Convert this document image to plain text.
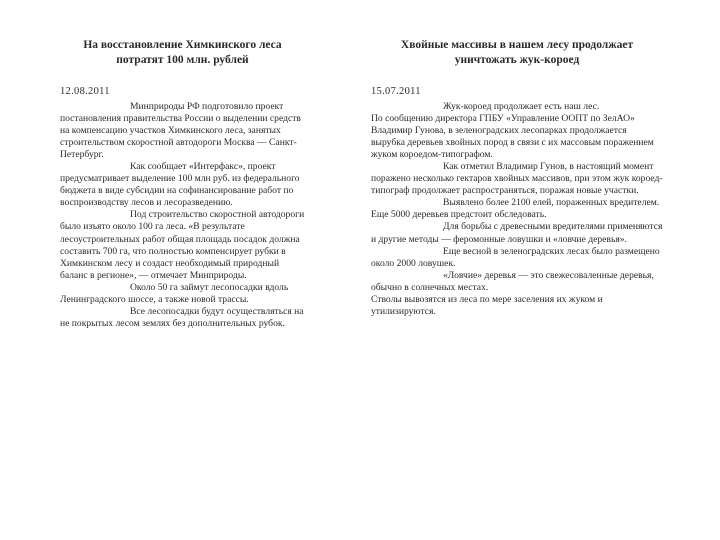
На восстановление Химкинского леса потратят 100 млн. рублей
12.08.2011

Минприроды РФ подготовило проект постановления правительства России о выделении средств на компенсацию участков Химкинского леса, занятых строительством скоростной автодороги Москва — Санкт-Петербург.

Как сообщает «Интерфакс», проект предусматривает выделение 100 млн руб. из федерального бюджета в виде субсидии на софинансирование работ по воспроизводству лесов и лесоразведению.

Под строительство скоростной автодороги было изъято около 100 га леса. «В результате лесоустроительных работ общая площадь посадок должна составить 700 га, что полностью компенсирует рубки в Химкинском лесу и создаст необходимый природный баланс в регионе», — отмечает Минприроды.

Около 50 га займут лесопосадки вдоль Ленинградского шоссе, а также новой трассы.

Все лесопосадки будут осуществляться на не покрытых лесом землях без дополнительных рубок.

Хвойные массивы в нашем лесу продолжает уничтожать жук-короед
15.07.2011

Жук-короед продолжает есть наш лес.

По сообщению директора ГПБУ «Управление ООПТ по ЗелАО» Владимир Гунова, в зеленоградских лесопарках продолжается вырубка деревьев хвойных пород в связи с их массовым поражением жуком короедом-типографом.

Как отметил Владимир Гунов, в настоящий момент поражено несколько гектаров хвойных массивов, при этом жук короед-типограф продолжает распространяться, поражая новые участки.

Выявлено более 2100 елей, пораженных вредителем.

Еще 5000 деревьев предстоит обследовать.

Для борьбы с древесными вредителями применяются и другие методы — феромонные ловушки и «ловчие деревья».

Еще весной в зеленоградских лесах было размещено около 2000 ловушек.

«Ловчие» деревья — это свежесоваленные деревья, обычно в солнечных местах.

Стволы вывозятся из леса по мере заселения их жуком и утилизируются.
